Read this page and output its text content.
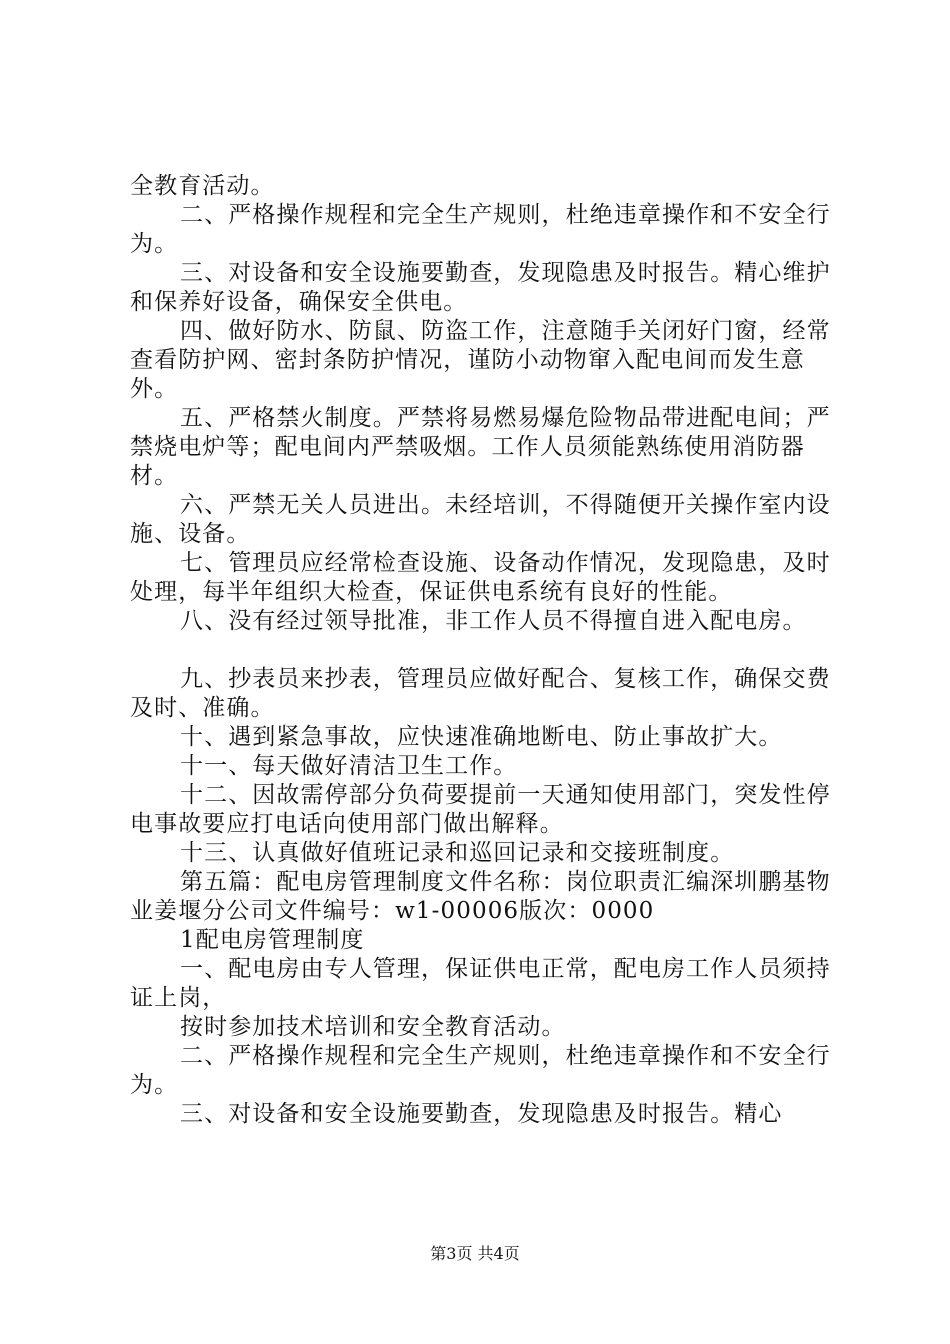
全教育活动。

二、严格操作规程和完全生产规则，杜绝违章操作和不安全行为。

三、对设备和安全设施要勤查，发现隐患及时报告。精心维护和保养好设备，确保安全供电。

四、做好防水、防鼠、防盗工作，注意随手关闭好门窗，经常查看防护网、密封条防护情况，谨防小动物窜入配电间而发生意外。

五、严格禁火制度。严禁将易燃易爆危险物品带进配电间；严禁烧电炉等；配电间内严禁吸烟。工作人员须能熟练使用消防器材。

六、严禁无关人员进出。未经培训，不得随便开关操作室内设施、设备。

七、管理员应经常检查设施、设备动作情况，发现隐患，及时处理，每半年组织大检查，保证供电系统有良好的性能。

八、没有经过领导批准，非工作人员不得擅自进入配电房。

九、抄表员来抄表，管理员应做好配合、复核工作，确保交费及时、准确。

十、遇到紧急事故，应快速准确地断电、防止事故扩大。

十一、每天做好清洁卫生工作。

十二、因故需停部分负荷要提前一天通知使用部门，突发性停电事故要应打电话向使用部门做出解释。

十三、认真做好值班记录和巡回记录和交接班制度。

第五篇：配电房管理制度文件名称：岗位职责汇编深圳鹏基物业姜堰分公司文件编号：w1-00006版次：0000

1配电房管理制度

一、配电房由专人管理，保证供电正常，配电房工作人员须持证上岗，

按时参加技术培训和安全教育活动。

二、严格操作规程和完全生产规则，杜绝违章操作和不安全行为。

三、对设备和安全设施要勤查，发现隐患及时报告。精心

第3页 共4页
